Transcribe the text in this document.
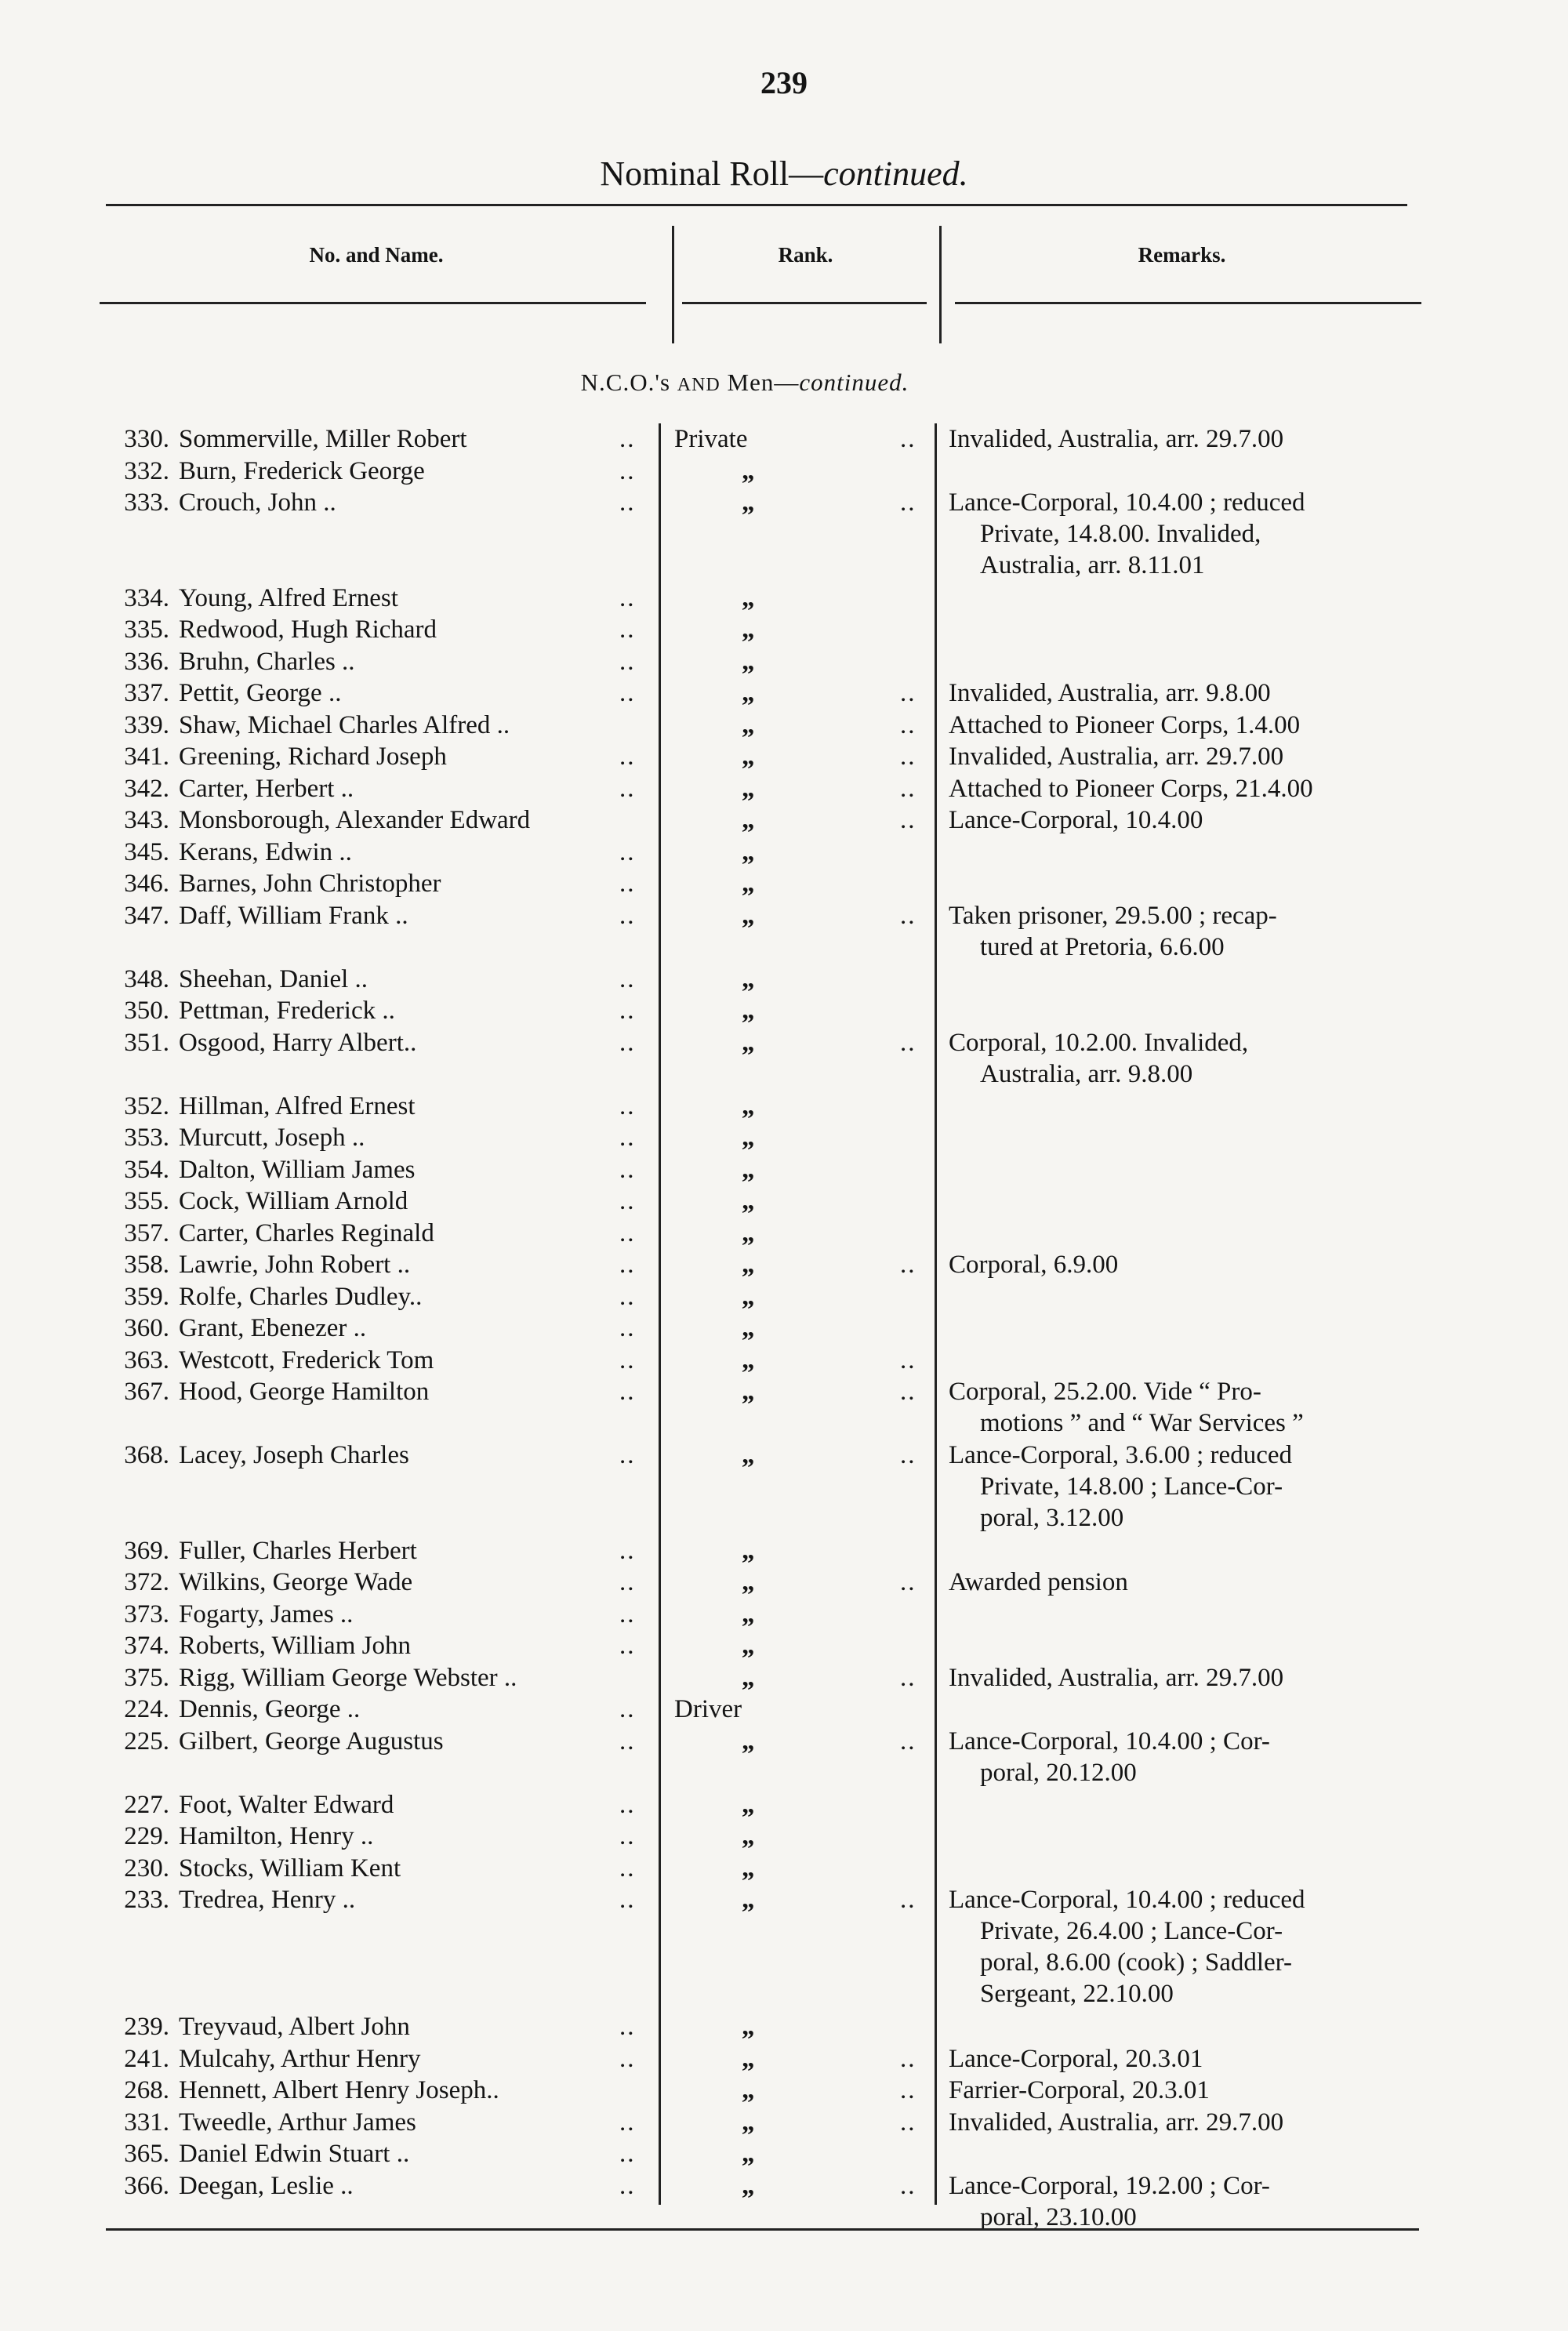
239
Nominal Roll—continued.
No. and Name.	Rank.	Remarks.
N.C.O.'s AND Men—continued.
330. Sommerville, Miller Robert	.. Private	.. Invalided, Australia, arr. 29.7.00
332. Burn, Frederick George	..	„
333. Crouch, John ..	..	„	.. Lance-Corporal, 10.4.00 ; reduced
Private, 14.8.00. Invalided,
Australia, arr. 8.11.01
334. Young, Alfred Ernest	..	„
335. Redwood, Hugh Richard	..	„
336. Bruhn, Charles ..	..	„
337. Pettit, George ..	..	„	.. Invalided, Australia, arr. 9.8.00
339. Shaw, Michael Charles Alfred ..	„	.. Attached to Pioneer Corps, 1.4.00
341. Greening, Richard Joseph	..	„	.. Invalided, Australia, arr. 29.7.00
342. Carter, Herbert ..	..	„	.. Attached to Pioneer Corps, 21.4.00
343. Monsborough, Alexander Edward	„	.. Lance-Corporal, 10.4.00
345. Kerans, Edwin ..	..	„
346. Barnes, John Christopher	..	„
347. Daff, William Frank ..	..	„	.. Taken prisoner, 29.5.00 ; recap-
tured at Pretoria, 6.6.00
348. Sheehan, Daniel ..	..	„
350. Pettman, Frederick ..	..	„
351. Osgood, Harry Albert..	..	„	.. Corporal, 10.2.00. Invalided,
Australia, arr. 9.8.00
352. Hillman, Alfred Ernest	..	„
353. Murcutt, Joseph ..	..	„
354. Dalton, William James	..	„
355. Cock, William Arnold	..	„
357. Carter, Charles Reginald	..	„
358. Lawrie, John Robert ..	..	„	.. Corporal, 6.9.00
359. Rolfe, Charles Dudley..	..	„
360. Grant, Ebenezer ..	..	„
363. Westcott, Frederick Tom	..	„	..
367. Hood, George Hamilton	..	„	.. Corporal, 25.2.00. Vide “ Pro-
motions ” and “ War Services ”
368. Lacey, Joseph Charles	..	„	.. Lance-Corporal, 3.6.00 ; reduced
Private, 14.8.00 ; Lance-Cor-
poral, 3.12.00
369. Fuller, Charles Herbert	..	„
372. Wilkins, George Wade	..	„	.. Awarded pension
373. Fogarty, James ..	..	„
374. Roberts, William John	..	„
375. Rigg, William George Webster ..	„	.. Invalided, Australia, arr. 29.7.00
224. Dennis, George ..	.. Driver
225. Gilbert, George Augustus	..	„	.. Lance-Corporal, 10.4.00 ; Cor-
poral, 20.12.00
227. Foot, Walter Edward	..	„
229. Hamilton, Henry ..	..	„
230. Stocks, William Kent	..	„
233. Tredrea, Henry ..	..	„	.. Lance-Corporal, 10.4.00 ; reduced
Private, 26.4.00 ; Lance-Cor-
poral, 8.6.00 (cook) ; Saddler-
Sergeant, 22.10.00
239. Treyvaud, Albert John	..	„
241. Mulcahy, Arthur Henry	..	„	.. Lance-Corporal, 20.3.01
268. Hennett, Albert Henry Joseph..	„	.. Farrier-Corporal, 20.3.01
331. Tweedle, Arthur James	..	„	.. Invalided, Australia, arr. 29.7.00
365. Daniel Edwin Stuart ..	..	„
366. Deegan, Leslie ..	..	„	.. Lance-Corporal, 19.2.00 ; Cor-
poral, 23.10.00
